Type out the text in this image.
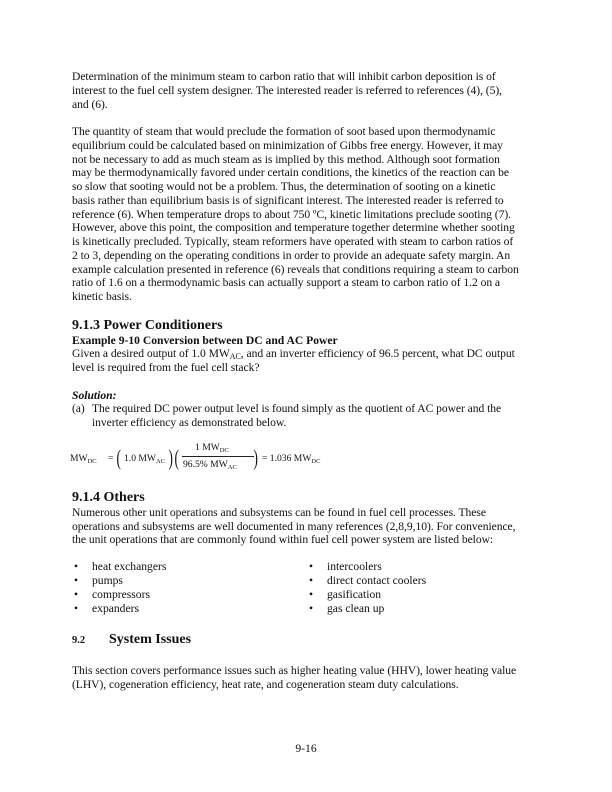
Determination of the minimum steam to carbon ratio that will inhibit carbon deposition is of

interest to the fuel cell system designer. The interested reader is referred to references (4), (5),

and (6).

The quantity of steam that would preclude the formation of soot based upon thermodynamic

equilibrium could be calculated based on minimization of Gibbs free energy. However, it may

not be necessary to add as much steam as is implied by this method. Although soot formation

may be thermodynamically favored under certain conditions, the kinetics of the reaction can be

so slow that sooting would not be a problem. Thus, the determination of sooting on a kinetic

basis rather than equilibrium basis is of significant interest. The interested reader is referred to

reference (6). When temperature drops to about 750 ºC, kinetic limitations preclude sooting (7).

However, above this point, the composition and temperature together determine whether sooting

is kinetically precluded. Typically, steam reformers have operated with steam to carbon ratios of

2 to 3, depending on the operating conditions in order to provide an adequate safety margin. An

example calculation presented in reference (6) reveals that conditions requiring a steam to carbon

ratio of 1.6 on a thermodynamic basis can actually support a steam to carbon ratio of 1.2 on a

kinetic basis.

9.1.3 Power Conditioners
Example 9-10 Conversion between DC and AC Power

Given a desired output of 1.0 $MW_{AC}$, and an inverter efficiency of 96.5 percent, what DC output

level is required from the fuel cell stack?

Solution:
(a) The required DC power output level is found simply as the quotient of AC power and the
inverter efficiency as demonstrated below.
$MW_{DC}$ = ( 1.0 $MW_{AC}$ ) ( 1 $MW_{DC}$
96.5% $MW_{AC}$ ) = 1.036 $MW_{DC}$
9.1.4 Others

Numerous other unit operations and subsystems can be found in fuel cell processes. These

operations and subsystems are well documented in many references (2,8,9,10). For convenience,

the unit operations that are commonly found within fuel cell power system are listed below:

•	heat exchangers
•	pumps
•	compressors
•	expanders
•	intercoolers
•	direct contact coolers
•	gasification
•	gas clean up
9.2	System Issues

This section covers performance issues such as higher heating value (HHV), lower heating value

(LHV), cogeneration efficiency, heat rate, and cogeneration steam duty calculations.

9-16
